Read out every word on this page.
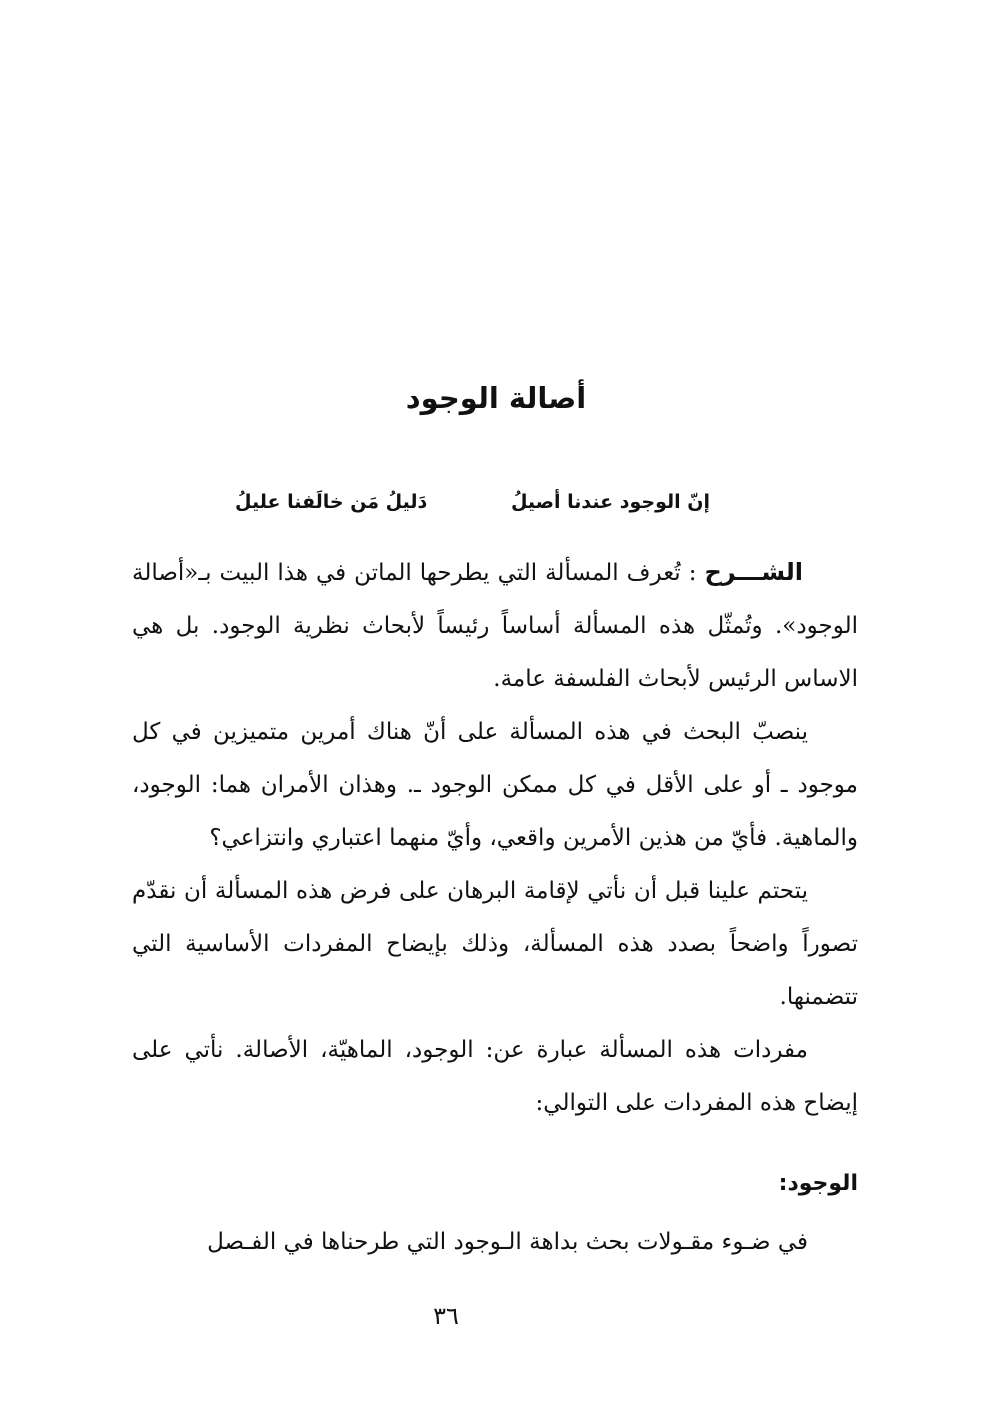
أصالة الوجود
إنّ الوجود عندنا أصيلُ
دَليلُ مَن خالَفنا عليلُ

الشـــرح : تُعرف المسألة التي يطرحها الماتن في هذا البيت بـ«أصالة الوجود». وتُمثّل هذه المسألة أساساً رئيساً لأبحاث نظرية الوجود. بل هي الاساس الرئيس لأبحاث الفلسفة عامة.

ينصبّ البحث في هذه المسألة على أنّ هناك أمرين متميزين في كل موجود ـ أو على الأقل في كل ممكن الوجود ـ. وهذان الأمران هما: الوجود، والماهية. فأيّ من هذين الأمرين واقعي، وأيّ منهما اعتباري وانتزاعي؟

يتحتم علينا قبل أن نأتي لإقامة البرهان على فرض هذه المسألة أن نقدّم تصوراً واضحاً بصدد هذه المسألة، وذلك بإيضاح المفردات الأساسية التي تتضمنها.

مفردات هذه المسألة عبارة عن: الوجود، الماهيّة، الأصالة. نأتي على إيضاح هذه المفردات على التوالي:

الوجود:
في ضـوء مقـولات بحث بداهة الـوجود التي طرحناها في الفـصل
٣٦
